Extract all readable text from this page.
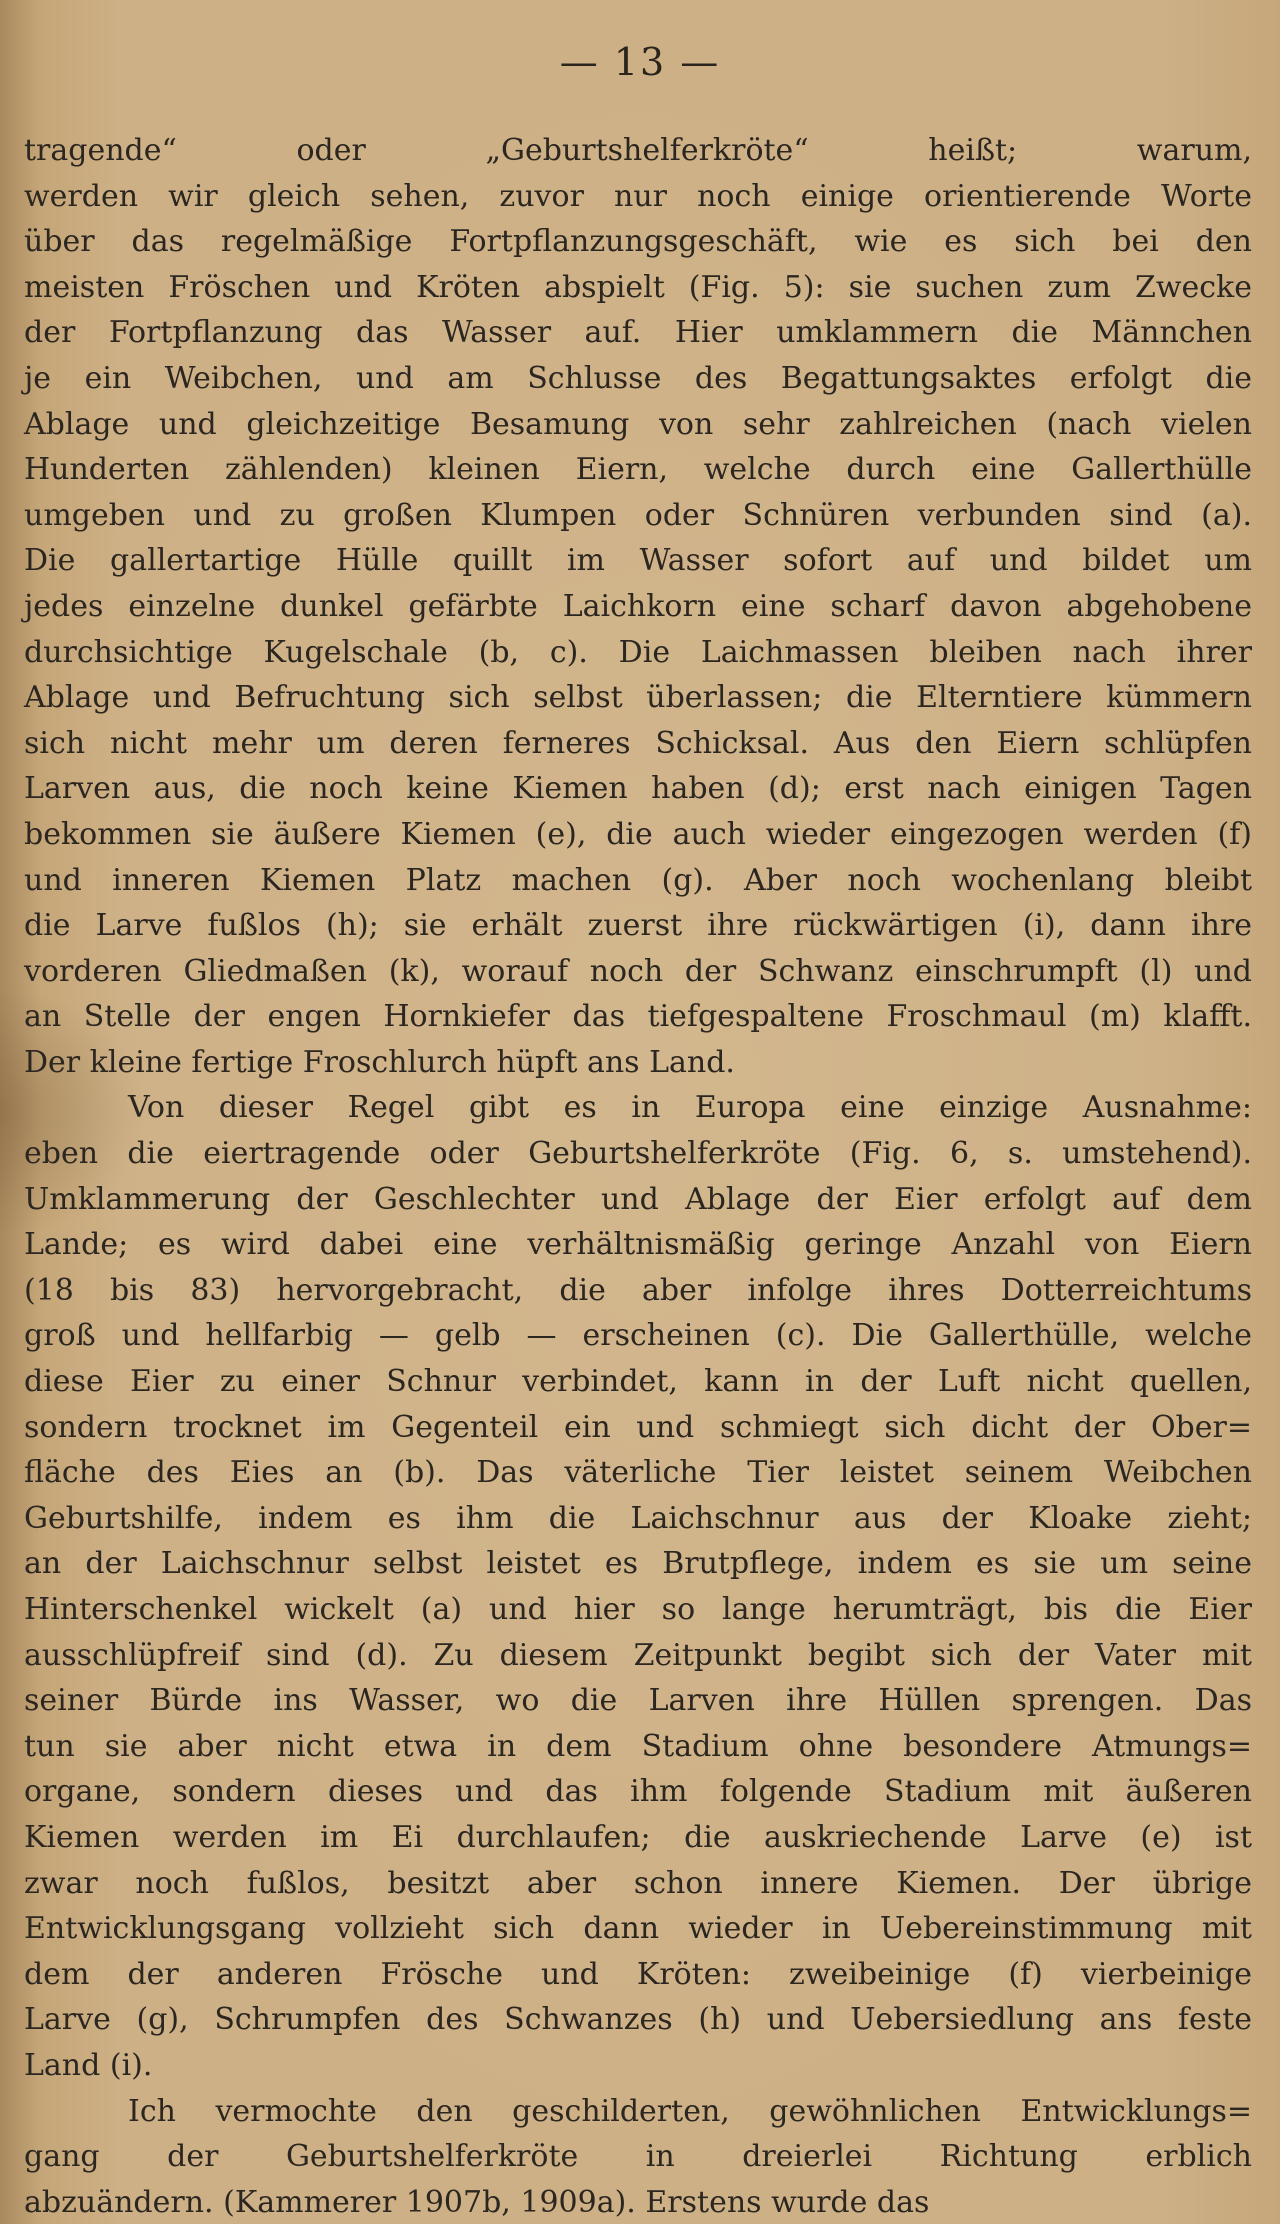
— 13 —
tragende“ oder „Geburtshelferkröte“ heißt; warum,
werden wir gleich sehen, zuvor nur noch einige orientierende Worte
über das regelmäßige Fortpflanzungsgeschäft, wie es sich bei den
meisten Fröschen und Kröten abspielt (Fig. 5): sie suchen zum Zwecke
der Fortpflanzung das Wasser auf. Hier umklammern die Männchen
je ein Weibchen, und am Schlusse des Begattungsaktes erfolgt die
Ablage und gleichzeitige Besamung von sehr zahlreichen (nach vielen
Hunderten zählenden) kleinen Eiern, welche durch eine Gallerthülle
umgeben und zu großen Klumpen oder Schnüren verbunden sind (a).
Die gallertartige Hülle quillt im Wasser sofort auf und bildet um
jedes einzelne dunkel gefärbte Laichkorn eine scharf davon abgehobene
durchsichtige Kugelschale (b, c). Die Laichmassen bleiben nach ihrer
Ablage und Befruchtung sich selbst überlassen; die Elterntiere kümmern
sich nicht mehr um deren ferneres Schicksal. Aus den Eiern schlüpfen
Larven aus, die noch keine Kiemen haben (d); erst nach einigen Tagen
bekommen sie äußere Kiemen (e), die auch wieder eingezogen werden (f)
und inneren Kiemen Platz machen (g). Aber noch wochenlang bleibt
die Larve fußlos (h); sie erhält zuerst ihre rückwärtigen (i), dann ihre
vorderen Gliedmaßen (k), worauf noch der Schwanz einschrumpft (l) und
an Stelle der engen Hornkiefer das tiefgespaltene Froschmaul (m) klafft.
Der kleine fertige Froschlurch hüpft ans Land.
Von dieser Regel gibt es in Europa eine einzige Ausnahme:
eben die eiertragende oder Geburtshelferkröte (Fig. 6, s. umstehend).
Umklammerung der Geschlechter und Ablage der Eier erfolgt auf dem
Lande; es wird dabei eine verhältnismäßig geringe Anzahl von Eiern
(18 bis 83) hervorgebracht, die aber infolge ihres Dotterreichtums
groß und hellfarbig — gelb — erscheinen (c). Die Gallerthülle, welche
diese Eier zu einer Schnur verbindet, kann in der Luft nicht quellen,
sondern trocknet im Gegenteil ein und schmiegt sich dicht der Ober=
fläche des Eies an (b). Das väterliche Tier leistet seinem Weibchen
Geburtshilfe, indem es ihm die Laichschnur aus der Kloake zieht;
an der Laichschnur selbst leistet es Brutpflege, indem es sie um seine
Hinterschenkel wickelt (a) und hier so lange herumträgt, bis die Eier
ausschlüpfreif sind (d). Zu diesem Zeitpunkt begibt sich der Vater mit
seiner Bürde ins Wasser, wo die Larven ihre Hüllen sprengen. Das
tun sie aber nicht etwa in dem Stadium ohne besondere Atmungs=
organe, sondern dieses und das ihm folgende Stadium mit äußeren
Kiemen werden im Ei durchlaufen; die auskriechende Larve (e) ist
zwar noch fußlos, besitzt aber schon innere Kiemen. Der übrige
Entwicklungsgang vollzieht sich dann wieder in Uebereinstimmung mit
dem der anderen Frösche und Kröten: zweibeinige (f) vierbeinige
Larve (g), Schrumpfen des Schwanzes (h) und Uebersiedlung ans feste
Land (i).
Ich vermochte den geschilderten, gewöhnlichen Entwicklungs=
gang der Geburtshelferkröte in dreierlei Richtung erblich
abzuändern. (Kammerer 1907b, 1909a). Erstens wurde das
